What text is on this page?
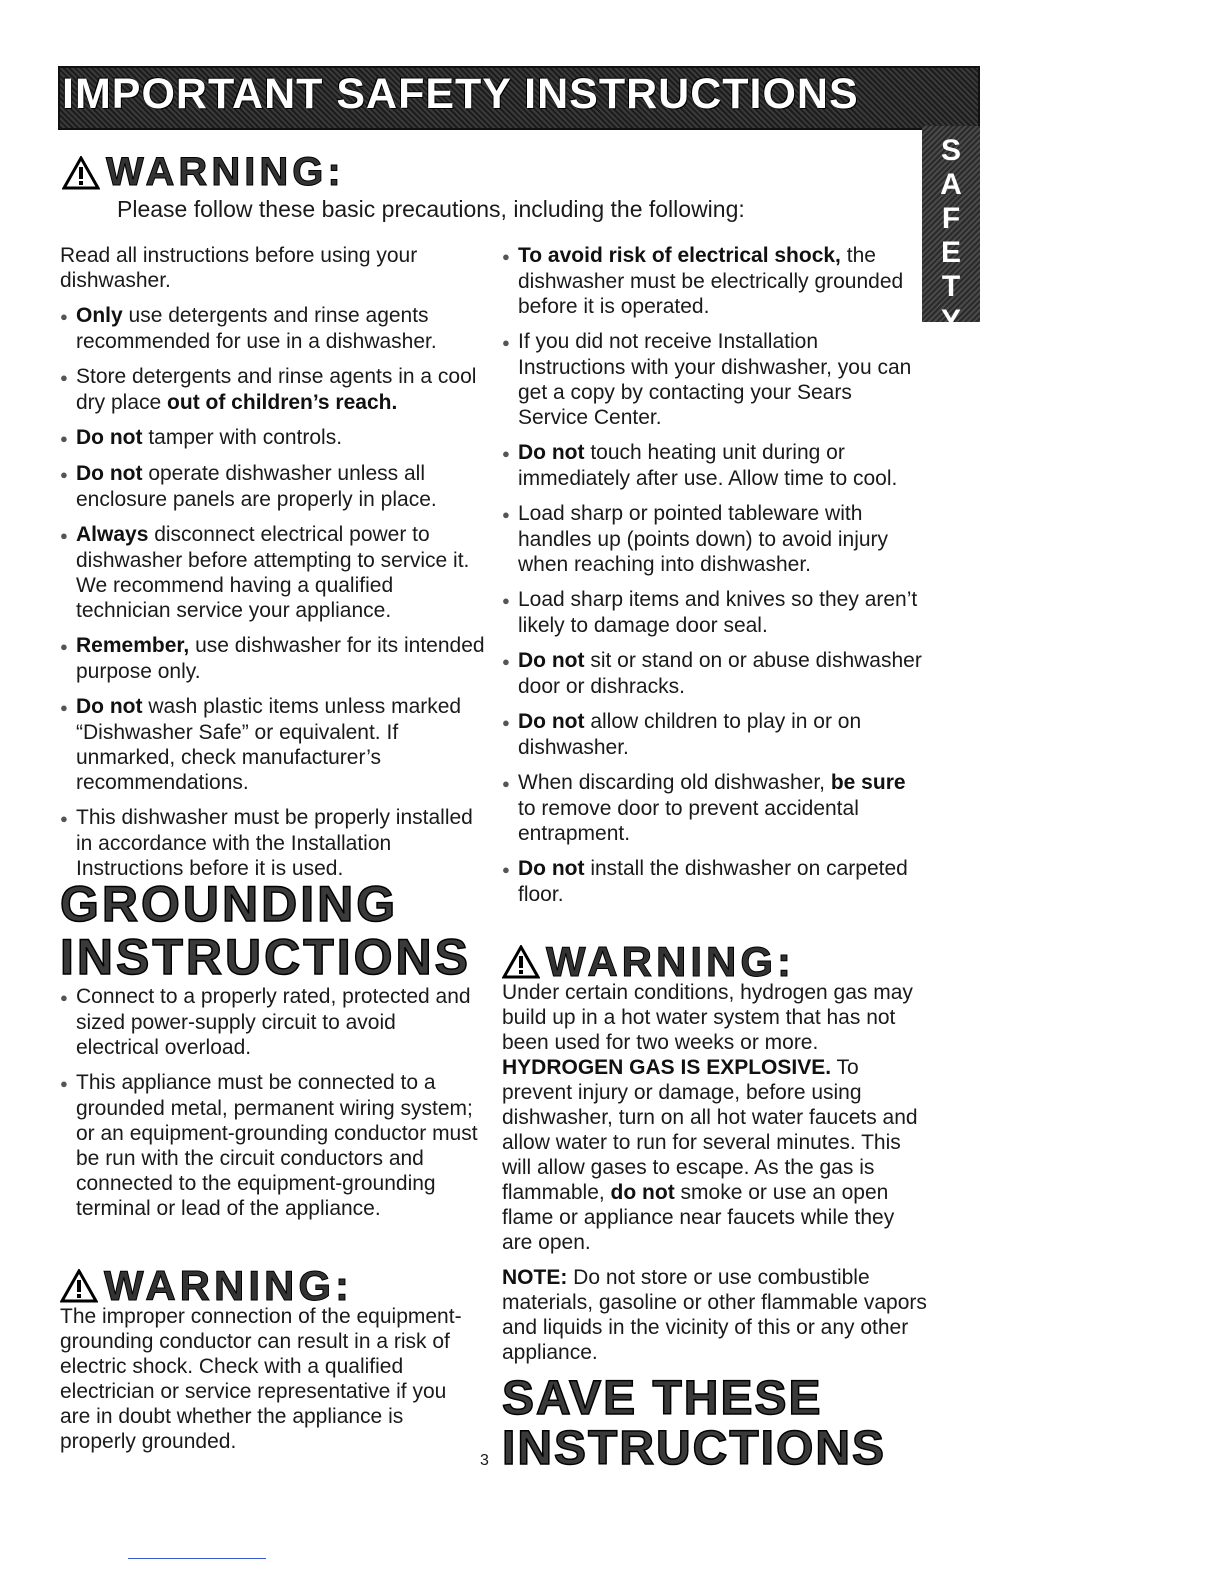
IMPORTANT SAFETY INSTRUCTIONS
S
A
F
E
T
Y
WARNING:
Please follow these basic precautions, including the following:

Read all instructions before using your dishwasher.

● Only use detergents and rinse agents recommended for use in a dishwasher.
● Store detergents and rinse agents in a cool dry place out of children’s reach.
● Do not tamper with controls.
● Do not operate dishwasher unless all enclosure panels are properly in place.
● Always disconnect electrical power to dishwasher before attempting to service it. We recommend having a qualified technician service your appliance.
● Remember, use dishwasher for its intended purpose only.
● Do not wash plastic items unless marked “Dishwasher Safe” or equivalent. If unmarked, check manufacturer’s recommendations.
● This dishwasher must be properly installed in accordance with the Installation Instructions before it is used.
GROUNDING
INSTRUCTIONS
● Connect to a properly rated, protected and sized power-supply circuit to avoid electrical overload.
● This appliance must be connected to a grounded metal, permanent wiring system; or an equipment-grounding conductor must be run with the circuit conductors and connected to the equipment-grounding terminal or lead of the appliance.
WARNING:
The improper connection of the equipment-grounding conductor can result in a risk of electric shock. Check with a qualified electrician or service representative if you are in doubt whether the appliance is properly grounded.
● To avoid risk of electrical shock, the dishwasher must be electrically grounded before it is operated.
● If you did not receive Installation Instructions with your dishwasher, you can get a copy by contacting your Sears Service Center.
● Do not touch heating unit during or immediately after use. Allow time to cool.
● Load sharp or pointed tableware with handles up (points down) to avoid injury when reaching into dishwasher.
● Load sharp items and knives so they aren’t likely to damage door seal.
● Do not sit or stand on or abuse dishwasher door or dishracks.
● Do not allow children to play in or on dishwasher.
● When discarding old dishwasher, be sure to remove door to prevent accidental entrapment.
● Do not install the dishwasher on carpeted floor.
WARNING:

Under certain conditions, hydrogen gas may build up in a hot water system that has not been used for two weeks or more. HYDROGEN GAS IS EXPLOSIVE. To prevent injury or damage, before using dishwasher, turn on all hot water faucets and allow water to run for several minutes. This will allow gases to escape. As the gas is flammable, do not smoke or use an open flame or appliance near faucets while they are open.

NOTE: Do not store or use combustible materials, gasoline or other flammable vapors and liquids in the vicinity of this or any other appliance.

SAVE THESE
INSTRUCTIONS
3
